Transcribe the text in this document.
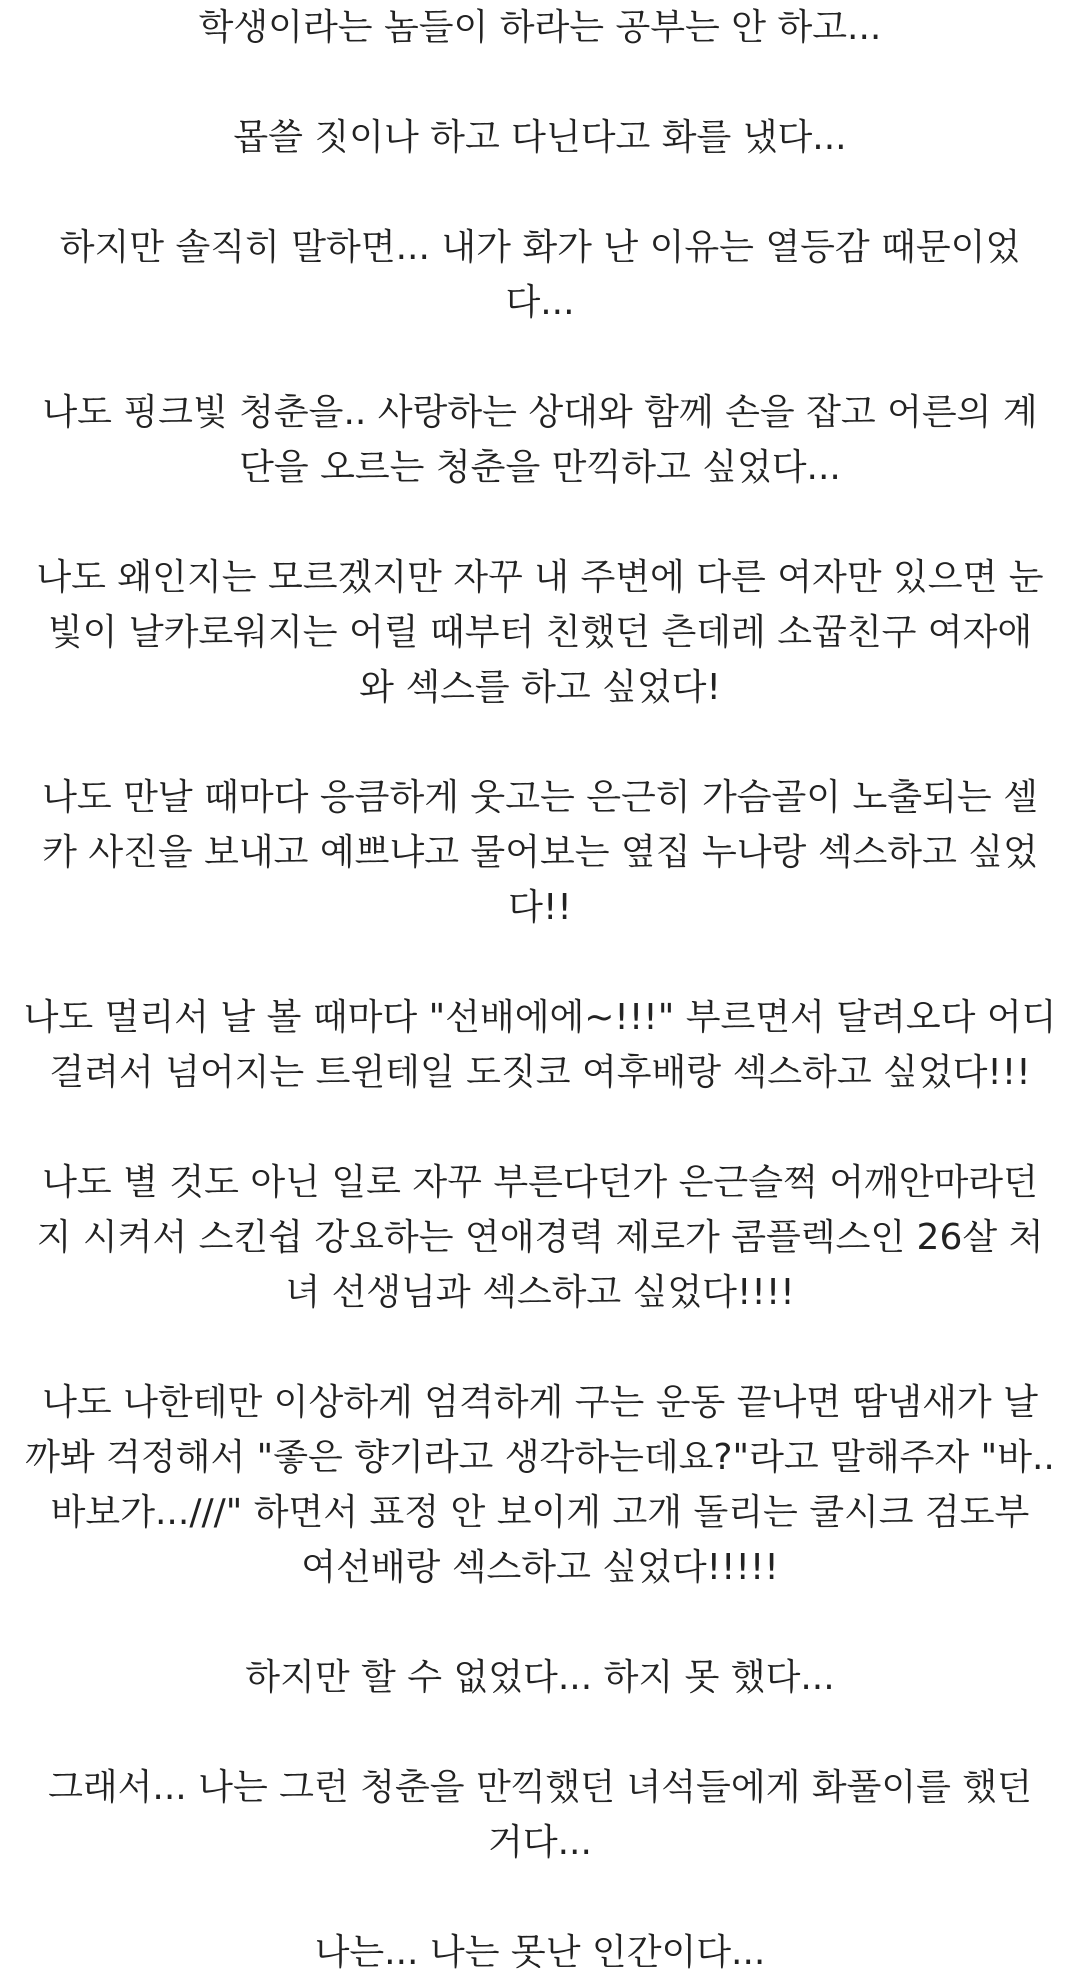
학생이라는 놈들이 하라는 공부는 안 하고...
몹쓸 짓이나 하고 다닌다고 화를 냈다...
하지만 솔직히 말하면... 내가 화가 난 이유는 열등감 때문이었
다...
나도 핑크빛 청춘을.. 사랑하는 상대와 함께 손을 잡고 어른의 계
단을 오르는 청춘을 만끽하고 싶었다...
나도 왜인지는 모르겠지만 자꾸 내 주변에 다른 여자만 있으면 눈
빛이 날카로워지는 어릴 때부터 친했던 츤데레 소꿉친구 여자애
와 섹스를 하고 싶었다!
나도 만날 때마다 응큼하게 웃고는 은근히 가슴골이 노출되는 셀
카 사진을 보내고 예쁘냐고 물어보는 옆집 누나랑 섹스하고 싶었
다!!
나도 멀리서 날 볼 때마다 "선배에에~!!!" 부르면서 달려오다 어디
걸려서 넘어지는 트윈테일 도짓코 여후배랑 섹스하고 싶었다!!!
나도 별 것도 아닌 일로 자꾸 부른다던가 은근슬쩍 어깨안마라던
지 시켜서 스킨쉽 강요하는 연애경력 제로가 콤플렉스인 26살 처
녀 선생님과 섹스하고 싶었다!!!!
나도 나한테만 이상하게 엄격하게 구는 운동 끝나면 땀냄새가 날
까봐 걱정해서 "좋은 향기라고 생각하는데요?"라고 말해주자 "바..
바보가...///" 하면서 표정 안 보이게 고개 돌리는 쿨시크 검도부
여선배랑 섹스하고 싶었다!!!!!
하지만 할 수 없었다... 하지 못 했다...
그래서... 나는 그런 청춘을 만끽했던 녀석들에게 화풀이를 했던
거다...
나는... 나는 못난 인간이다...
